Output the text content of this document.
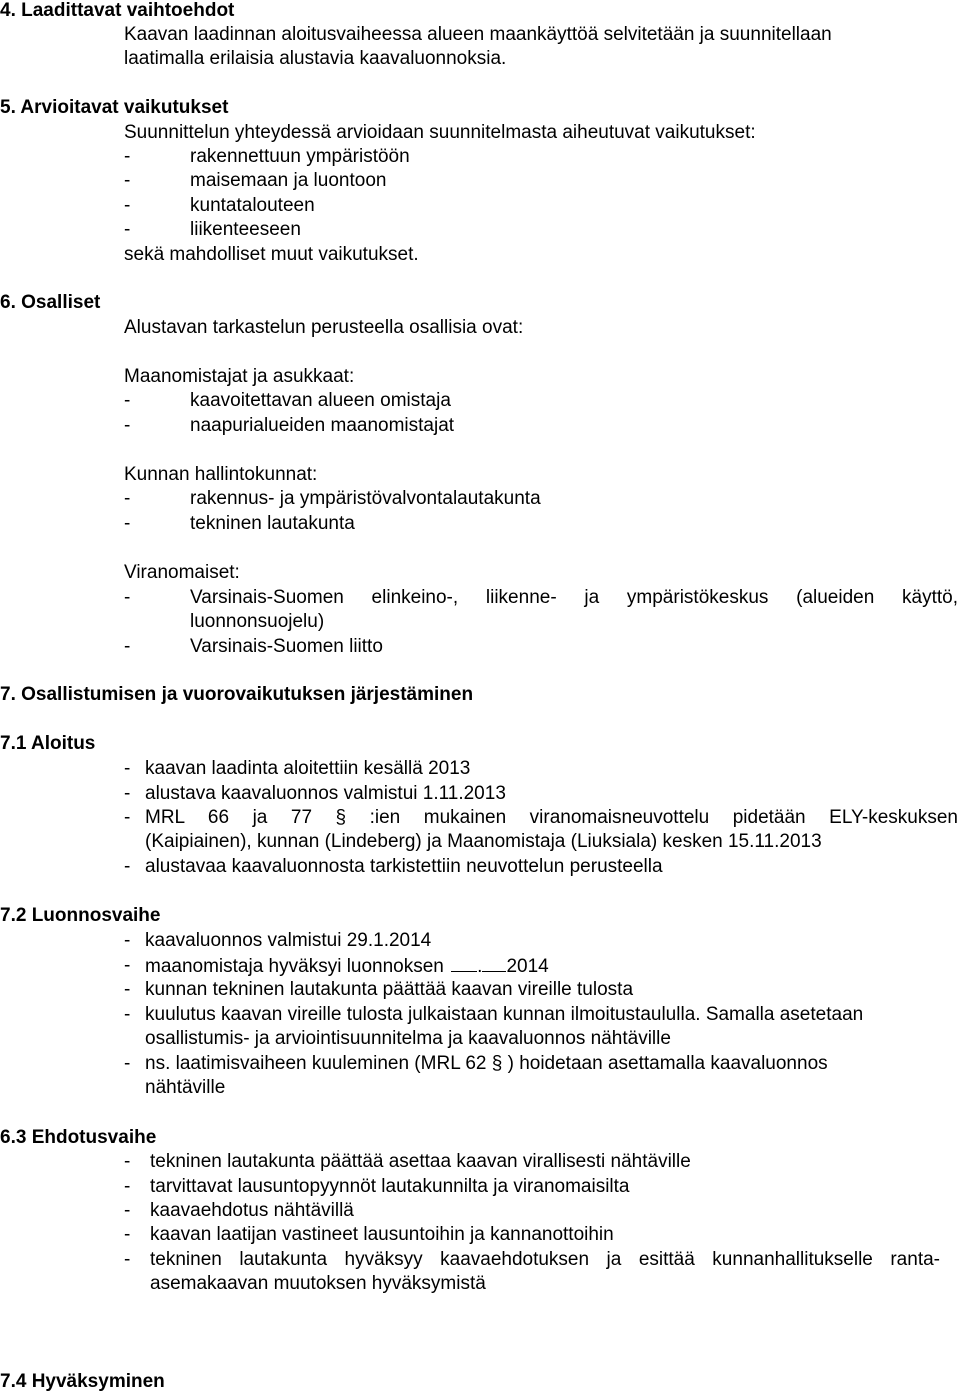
4. Laadittavat vaihtoehdot
Kaavan laadinnan aloitusvaiheessa alueen maankäyttöä selvitetään ja suunnitellaan
laatimalla erilaisia alustavia kaavaluonnoksia.
5. Arvioitavat vaikutukset
Suunnittelun yhteydessä arvioidaan suunnitelmasta aiheutuvat vaikutukset:
-	rakennettuun ympäristöön
-	maisemaan ja luontoon
-	kuntatalouteen
-	liikenteeseen
sekä mahdolliset muut vaikutukset.
6. Osalliset
Alustavan tarkastelun perusteella osallisia ovat:
Maanomistajat ja asukkaat:
-	kaavoitettavan alueen omistaja
-	naapurialueiden maanomistajat
Kunnan hallintokunnat:
-	rakennus- ja ympäristövalvontalautakunta
-	tekninen lautakunta
Viranomaiset:
-	Varsinais-Suomen elinkeino-, liikenne- ja ympäristökeskus (alueiden käyttö,
luonnonsuojelu)
-	Varsinais-Suomen liitto
7. Osallistumisen ja vuorovaikutuksen järjestäminen
7.1 Aloitus
- kaavan laadinta aloitettiin kesällä 2013
- alustava kaavaluonnos valmistui 1.11.2013
- MRL 66 ja 77 § :ien mukainen viranomaisneuvottelu pidetään ELY-keskuksen
(Kaipiainen), kunnan (Lindeberg) ja Maanomistaja (Liuksiala) kesken 15.11.2013
- alustavaa kaavaluonnosta tarkistettiin neuvottelun perusteella
7.2 Luonnosvaihe
- kaavaluonnos valmistui 29.1.2014
- maanomistaja hyväksyi luonnoksen . 2014
- kunnan tekninen lautakunta päättää kaavan vireille tulosta
- kuulutus kaavan vireille tulosta julkaistaan kunnan ilmoitustaululla. Samalla asetetaan
osallistumis- ja arviointisuunnitelma ja kaavaluonnos nähtäville
- ns. laatimisvaiheen kuuleminen (MRL 62 § ) hoidetaan asettamalla kaavaluonnos
nähtäville
6.3 Ehdotusvaihe
- tekninen lautakunta päättää asettaa kaavan virallisesti nähtäville
- tarvittavat lausuntopyynnöt lautakunnilta ja viranomaisilta
- kaavaehdotus nähtävillä
- kaavan laatijan vastineet lausuntoihin ja kannanottoihin
- tekninen lautakunta hyväksyy kaavaehdotuksen ja esittää kunnanhallitukselle ranta-
asemakaavan muutoksen hyväksymistä
7.4 Hyväksyminen
